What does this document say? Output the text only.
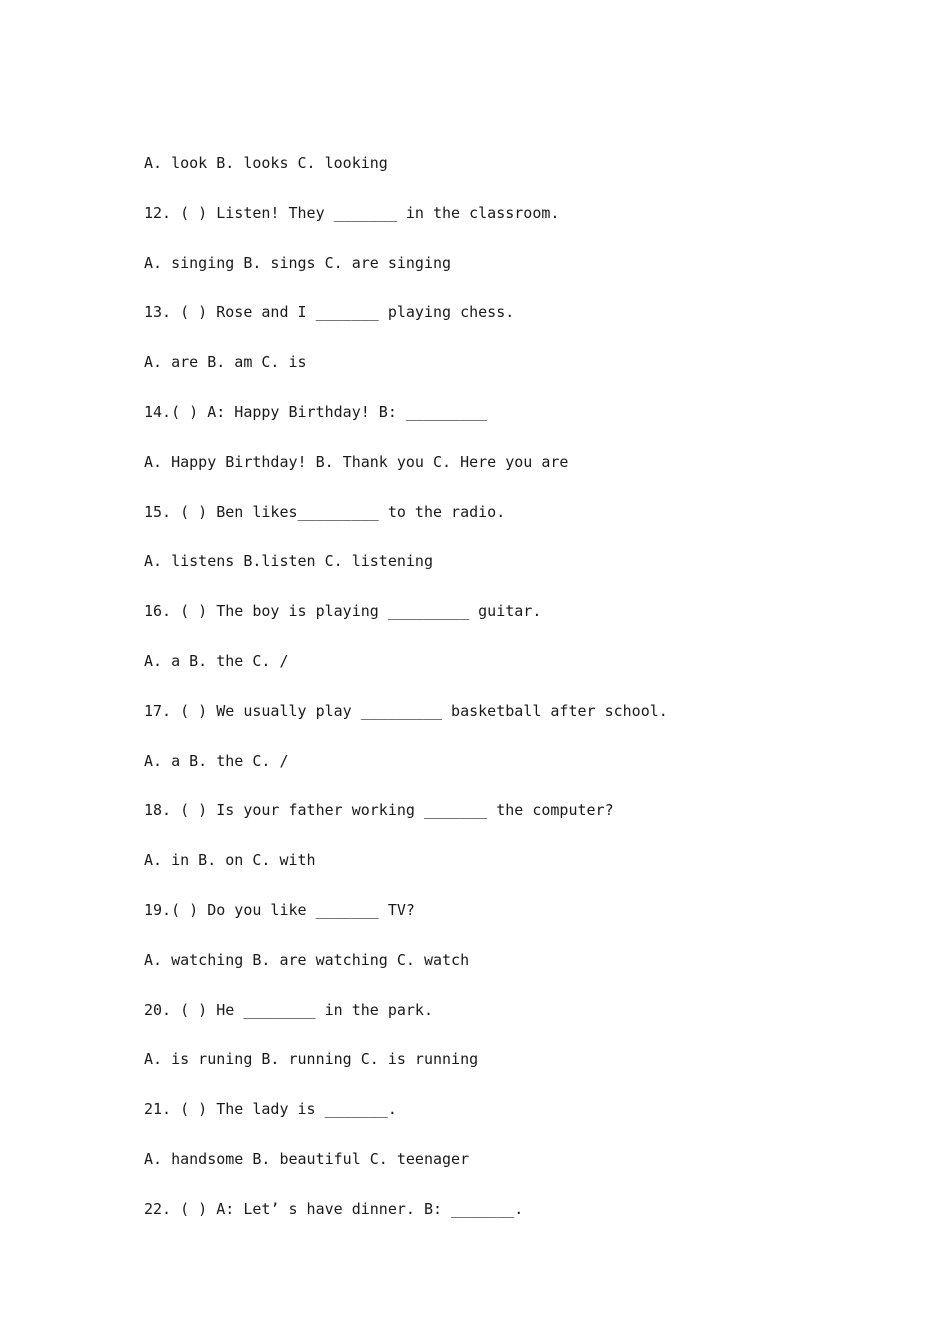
A. look B. looks C. looking
12. ( ) Listen! They _______ in the classroom.
A. singing B. sings C. are singing
13. ( ) Rose and I _______ playing chess.
A. are B. am C. is
14.( ) A: Happy Birthday! B: _________
A. Happy Birthday! B. Thank you C. Here you are
15. ( ) Ben likes_________ to the radio.
A. listens B.listen C. listening
16. ( ) The boy is playing _________ guitar.
A. a B. the C. /
17. ( ) We usually play _________ basketball after school.
A. a B. the C. /
18. ( ) Is your father working _______ the computer?
A. in B. on C. with
19.( ) Do you like _______ TV?
A. watching B. are watching C. watch
20. ( ) He ________ in the park.
A. is runing B. running C. is running
21. ( ) The lady is _______.
A. handsome B. beautiful C. teenager
22. ( ) A: Let’ s have dinner. B: _______.
